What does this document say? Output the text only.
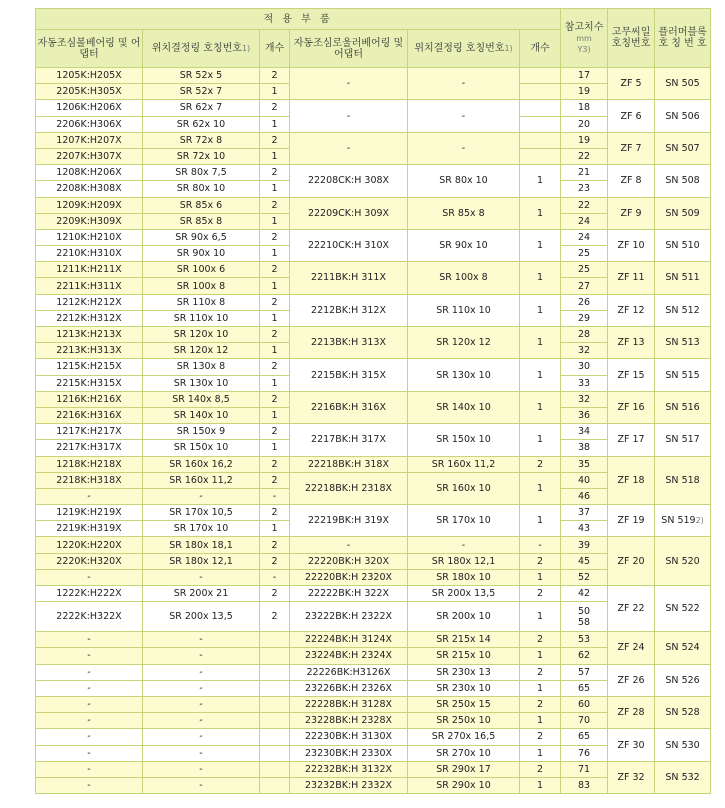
적 용 부 품						참고치수
mm
Y3)	고무씨일 호칭번호	플러머블록 호 칭 번 호
자동조심볼베어링 및 어댑터	위치결정링 호칭번호1)	개수	자동조심로울러베어링 및 어댑터	위치결정링 호칭번호1)	개수			
1205K:H205X	SR 52x 5	2	-	-		17	ZF 5	SN 505
2205K:H305X	SR 52x 7	1				19		
1206K:H206X	SR 62x 7	2	-	-		18	ZF 6	SN 506
2206K:H306X	SR 62x 10	1				20		
1207K:H207X	SR 72x 8	2	-	-		19	ZF 7	SN 507
2207K:H307X	SR 72x 10	1				22		
1208K:H206X	SR 80x 7,5	2	22208CK:H 308X	SR 80x 10	1	21	ZF 8	SN 508
2208K:H308X	SR 80x 10	1				23		
1209K:H209X	SR 85x 6	2	22209CK:H 309X	SR 85x 8	1	22	ZF 9	SN 509
2209K:H309X	SR 85x 8	1				24		
1210K:H210X	SR 90x 6,5	2	22210CK:H 310X	SR 90x 10	1	24	ZF 10	SN 510
2210K:H310X	SR 90x 10	1				25		
1211K:H211X	SR 100x 6	2	2211BK:H 311X	SR 100x 8	1	25	ZF 11	SN 511
2211K:H311X	SR 100x 8	1				27		
1212K:H212X	SR 110x 8	2	2212BK:H 312X	SR 110x 10	1	26	ZF 12	SN 512
2212K:H312X	SR 110x 10	1				29		
1213K:H213X	SR 120x 10	2	2213BK:H 313X	SR 120x 12	1	28	ZF 13	SN 513
2213K:H313X	SR 120x 12	1				32		
1215K:H215X	SR 130x 8	2	2215BK:H 315X	SR 130x 10	1	30	ZF 15	SN 515
2215K:H315X	SR 130x 10	1				33		
1216K:H216X	SR 140x 8,5	2	2216BK:H 316X	SR 140x 10	1	32	ZF 16	SN 516
2216K:H316X	SR 140x 10	1				36		
1217K:H217X	SR 150x 9	2	2217BK:H 317X	SR 150x 10	1	34	ZF 17	SN 517
2217K:H317X	SR 150x 10	1				38		
1218K:H218X	SR 160x 16,2	2	22218BK:H 318X	SR 160x 11,2	2	35	ZF 18	SN 518
2218K:H318X	SR 160x 11,2	2	22218BK:H 2318X	SR 160x 10	1	40		
-	-	-				46		
1219K:H219X	SR 170x 10,5	2	22219BK:H 319X	SR 170x 10	1	37	ZF 19	SN 5192)
2219K:H319X	SR 170x 10	1				43		
1220K:H220X	SR 180x 18,1	2	-	-	-	39	ZF 20	SN 520
2220K:H320X	SR 180x 12,1	2	22220BK:H 320X	SR 180x 12,1	2	45		
-	-	-	22220BK:H 2320X	SR 180x 10	1	52		
1222K:H222X	SR 200x 21	2	22222BK:H 322X	SR 200x 13,5	2	42	ZF 22	SN 522
2222K:H322X	SR 200x 13,5	2	23222BK:H 2322X	SR 200x 10	1	50
58		
-	-		22224BK:H 3124X	SR 215x 14	2	53	ZF 24	SN 524
-	-		23224BK:H 2324X	SR 215x 10	1	62		
-	-		22226BK:H3126X	SR 230x 13	2	57	ZF 26	SN 526
-	-		23226BK:H 2326X	SR 230x 10	1	65		
-	-		22228BK:H 3128X	SR 250x 15	2	60	ZF 28	SN 528
-	-		23228BK:H 2328X	SR 250x 10	1	70		
-	-		22230BK:H 3130X	SR 270x 16,5	2	65	ZF 30	SN 530
-	-		23230BK:H 2330X	SR 270x 10	1	76		
-	-		22232BK:H 3132X	SR 290x 17	2	71	ZF 32	SN 532
-	-		23232BK:H 2332X	SR 290x 10	1	83		
